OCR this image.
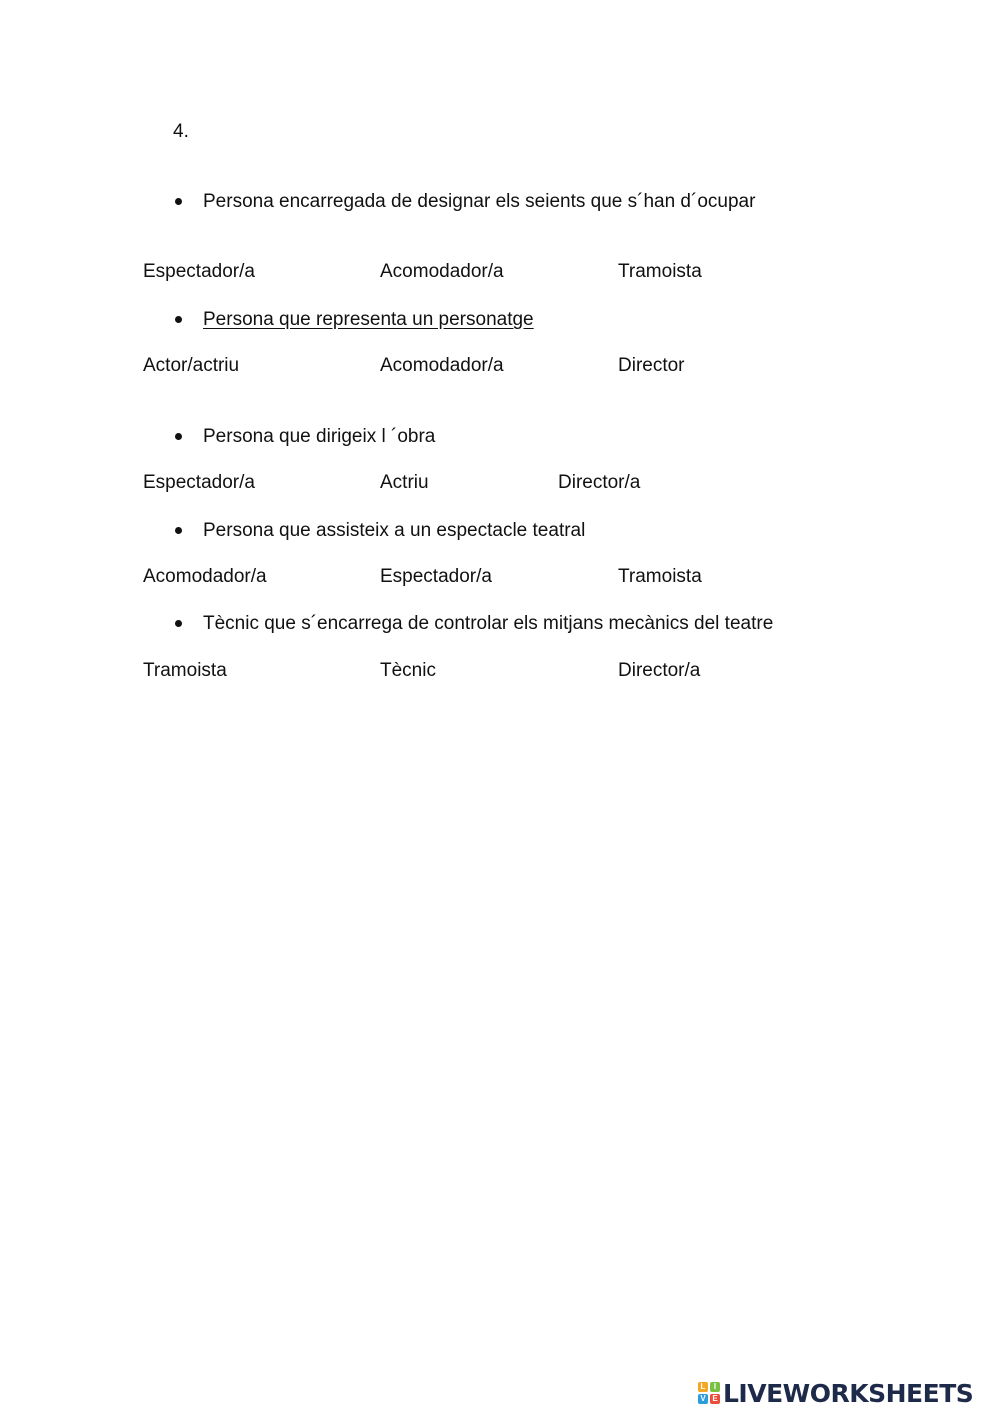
4.
Persona encarregada de designar els seients que s´han d´ocupar
Espectador/a	Acomodador/a	Tramoista
Persona que representa un personatge
Actor/actriu	Acomodador/a	Director
Persona que dirigeix l ´obra
Espectador/a	Actriu	Director/a
Persona que assisteix a un espectacle teatral
Acomodador/a	Espectador/a	Tramoista
Tècnic que s´encarrega de controlar els mitjans mecànics del teatre
Tramoista	Tècnic	Director/a
L	I
V E LIVEWORKSHEETS
